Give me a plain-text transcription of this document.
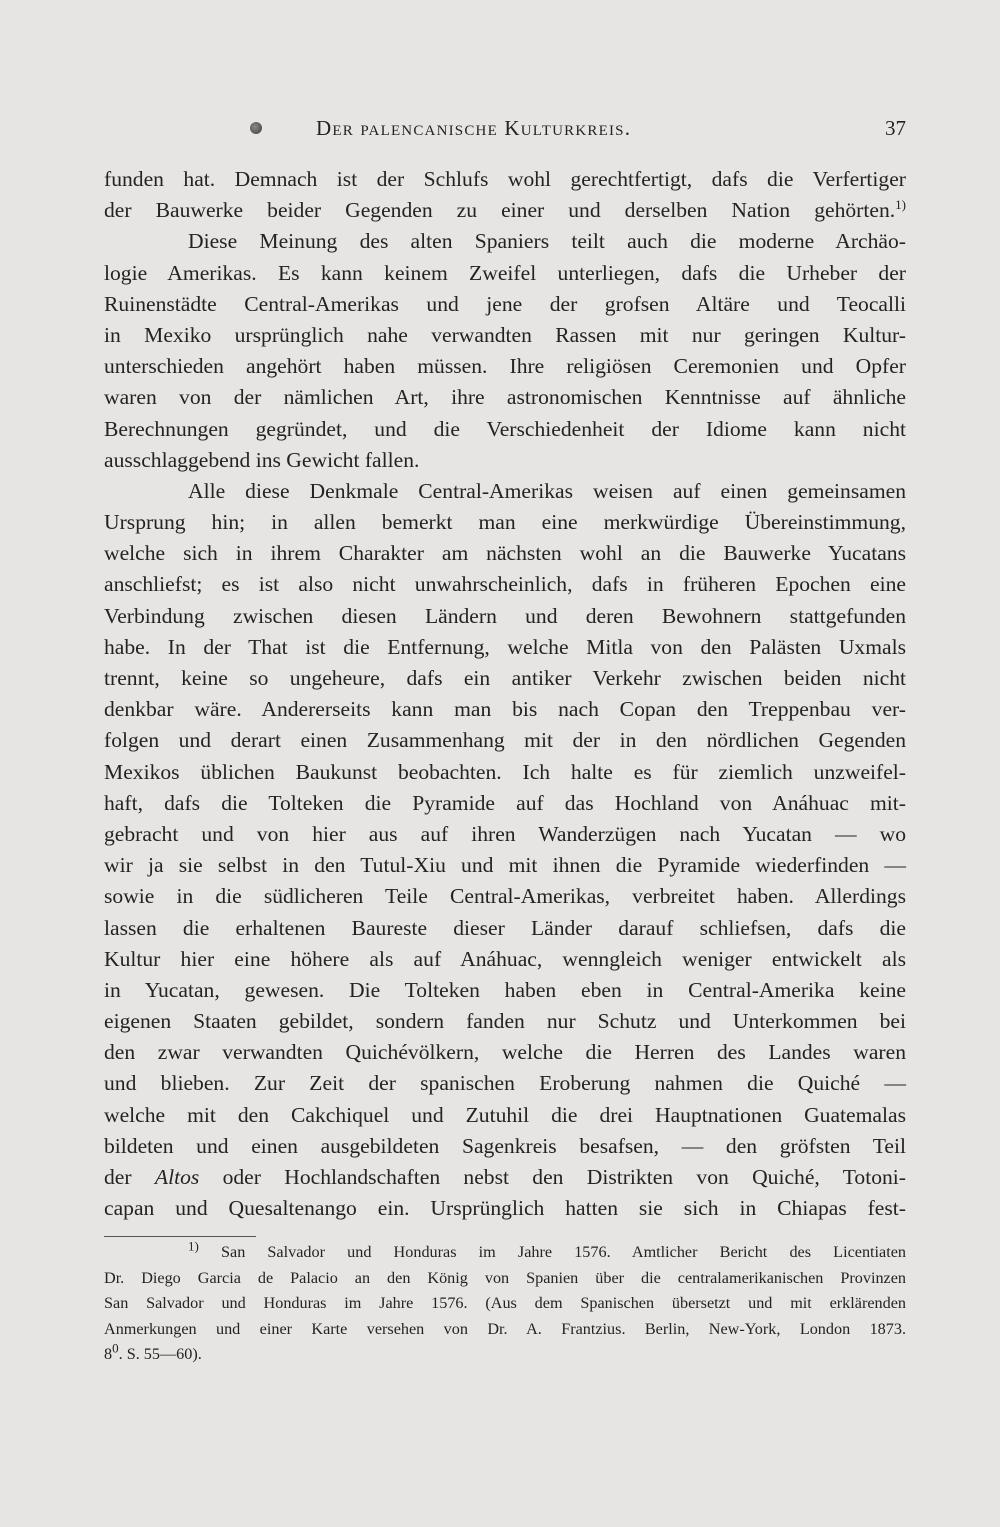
Der palencanische Kulturkreis.	37
funden hat. Demnach ist der Schlufs wohl gerechtfertigt, dafs die Verfertiger
der Bauwerke beider Gegenden zu einer und derselben Nation gehörten.$^{1)}$
Diese Meinung des alten Spaniers teilt auch die moderne Archäo-
logie Amerikas. Es kann keinem Zweifel unterliegen, dafs die Urheber der
Ruinenstädte Central-Amerikas und jene der grofsen Altäre und Teocalli
in Mexiko ursprünglich nahe verwandten Rassen mit nur geringen Kultur-
unterschieden angehört haben müssen. Ihre religiösen Ceremonien und Opfer
waren von der nämlichen Art, ihre astronomischen Kenntnisse auf ähnliche
Berechnungen gegründet, und die Verschiedenheit der Idiome kann nicht
ausschlaggebend ins Gewicht fallen.
Alle diese Denkmale Central-Amerikas weisen auf einen gemeinsamen
Ursprung hin; in allen bemerkt man eine merkwürdige Übereinstimmung,
welche sich in ihrem Charakter am nächsten wohl an die Bauwerke Yucatans
anschliefst; es ist also nicht unwahrscheinlich, dafs in früheren Epochen eine
Verbindung zwischen diesen Ländern und deren Bewohnern stattgefunden
habe. In der That ist die Entfernung, welche Mitla von den Palästen Uxmals
trennt, keine so ungeheure, dafs ein antiker Verkehr zwischen beiden nicht
denkbar wäre. Andererseits kann man bis nach Copan den Treppenbau ver-
folgen und derart einen Zusammenhang mit der in den nördlichen Gegenden
Mexikos üblichen Baukunst beobachten. Ich halte es für ziemlich unzweifel-
haft, dafs die Tolteken die Pyramide auf das Hochland von Anáhuac mit-
gebracht und von hier aus auf ihren Wanderzügen nach Yucatan — wo
wir ja sie selbst in den Tutul-Xiu und mit ihnen die Pyramide wiederfinden —
sowie in die südlicheren Teile Central-Amerikas, verbreitet haben. Allerdings
lassen die erhaltenen Baureste dieser Länder darauf schliefsen, dafs die
Kultur hier eine höhere als auf Anáhuac, wenngleich weniger entwickelt als
in Yucatan, gewesen. Die Tolteken haben eben in Central-Amerika keine
eigenen Staaten gebildet, sondern fanden nur Schutz und Unterkommen bei
den zwar verwandten Quichévölkern, welche die Herren des Landes waren
und blieben. Zur Zeit der spanischen Eroberung nahmen die Quiché —
welche mit den Cakchiquel und Zutuhil die drei Hauptnationen Guatemalas
bildeten und einen ausgebildeten Sagenkreis besafsen, — den gröfsten Teil
der Altos oder Hochlandschaften nebst den Distrikten von Quiché, Totoni-
capan und Quesaltenango ein. Ursprünglich hatten sie sich in Chiapas fest-
$^{1)}$ San Salvador und Honduras im Jahre 1576. Amtlicher Bericht des Licentiaten
Dr. Diego Garcia de Palacio an den König von Spanien über die centralamerikanischen Provinzen
San Salvador und Honduras im Jahre 1576. (Aus dem Spanischen übersetzt und mit erklärenden
Anmerkungen und einer Karte versehen von Dr. A. Frantzius. Berlin, New-York, London 1873.
$8^0$. S. 55—60).
